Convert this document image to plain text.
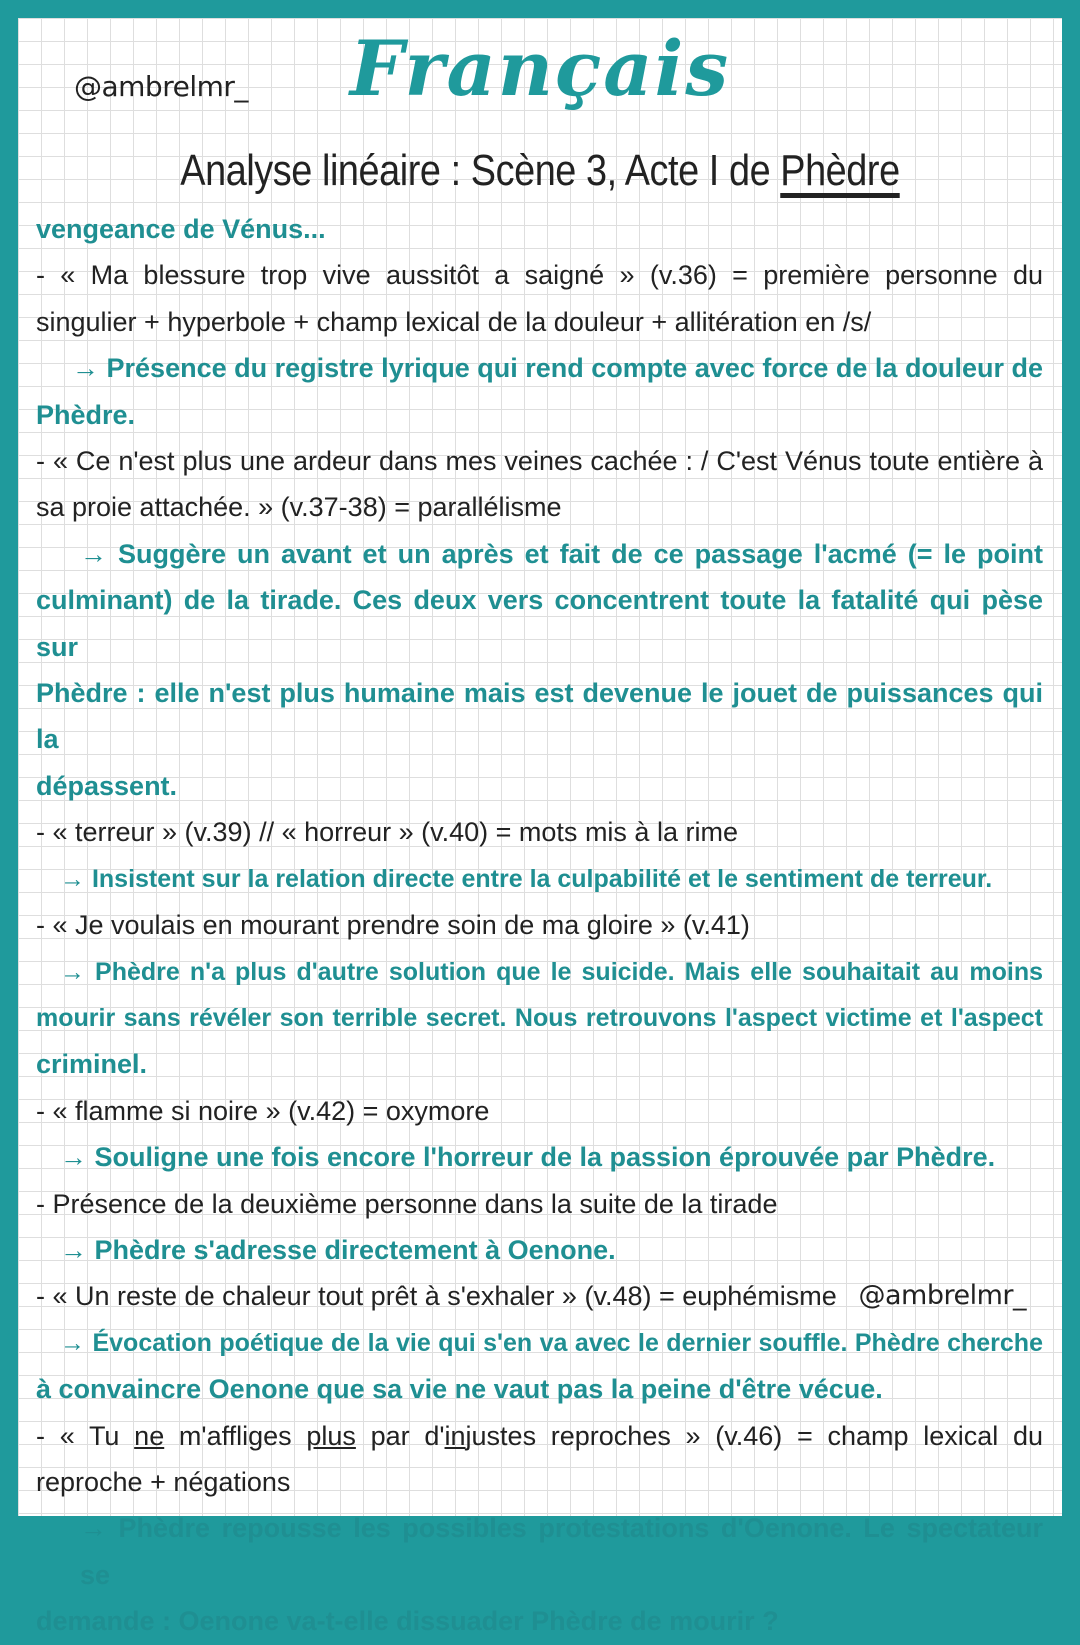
@ambrelmr_	Français
Analyse linéaire : Scène 3, Acte I de Phèdre
vengeance de Vénus...
- « Ma blessure trop vive aussitôt a saigné » (v.36) = première personne du
singulier + hyperbole + champ lexical de la douleur + allitération en /s/
→ Présence du registre lyrique qui rend compte avec force de la douleur de
Phèdre.
- « Ce n'est plus une ardeur dans mes veines cachée : / C'est Vénus toute entière à
sa proie attachée. » (v.37-38) = parallélisme
→ Suggère un avant et un après et fait de ce passage l'acmé (= le point
culminant) de la tirade. Ces deux vers concentrent toute la fatalité qui pèse sur
Phèdre : elle n'est plus humaine mais est devenue le jouet de puissances qui la
dépassent.
- « terreur » (v.39) // « horreur » (v.40) = mots mis à la rime
→ Insistent sur la relation directe entre la culpabilité et le sentiment de terreur.
- « Je voulais en mourant prendre soin de ma gloire » (v.41)
→ Phèdre n'a plus d'autre solution que le suicide. Mais elle souhaitait au moins
mourir sans révéler son terrible secret. Nous retrouvons l'aspect victime et l'aspect
criminel.
- « flamme si noire » (v.42) = oxymore
→ Souligne une fois encore l'horreur de la passion éprouvée par Phèdre.
- Présence de la deuxième personne dans la suite de la tirade
→ Phèdre s'adresse directement à Oenone.
- « Un reste de chaleur tout prêt à s'exhaler » (v.48) = euphémisme
→ Évocation poétique de la vie qui s'en va avec le dernier souffle. Phèdre cherche
à convaincre Oenone que sa vie ne vaut pas la peine d'être vécue.
- « Tu ne m'affliges plus par d'injustes reproches » (v.46) = champ lexical du
reproche + négations
→ Phèdre repousse les possibles protestations d'Oenone. Le spectateur se
demande : Oenone va-t-elle dissuader Phèdre de mourir ?
@ambrelmr_
